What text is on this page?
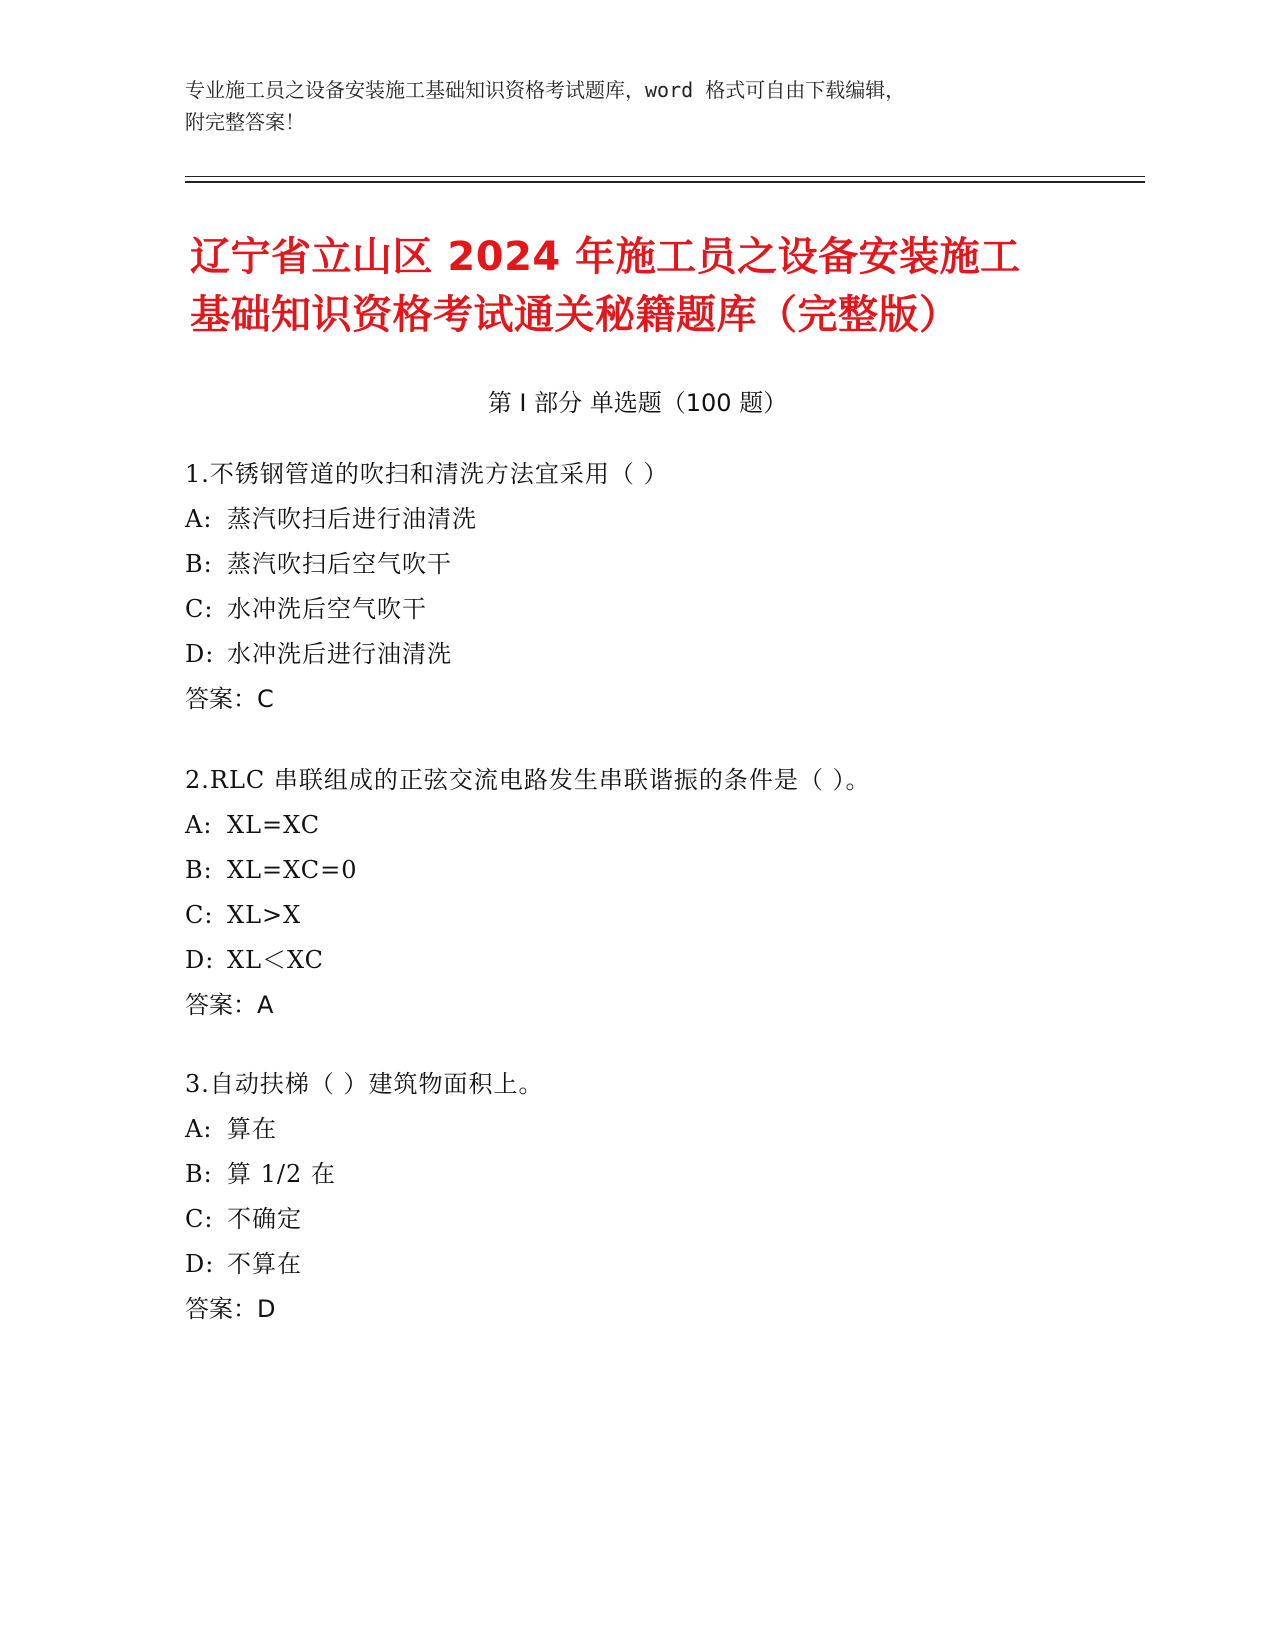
专业施工员之设备安装施工基础知识资格考试题库，word 格式可自由下载编辑，
附完整答案！
辽宁省立山区 2024 年施工员之设备安装施工
基础知识资格考试通关秘籍题库（完整版）
第 I 部分 单选题（100 题）
1.不锈钢管道的吹扫和清洗方法宜采用（ ）
A: 蒸汽吹扫后进行油清洗
B: 蒸汽吹扫后空气吹干
C: 水冲洗后空气吹干
D: 水冲洗后进行油清洗
答案：C
2.RLC 串联组成的正弦交流电路发生串联谐振的条件是（ ）。
A: XL=XC
B: XL=XC=0
C: XL>X
D: XL＜XC
答案：A
3.自动扶梯（ ）建筑物面积上。
A: 算在
B: 算 1/2 在
C: 不确定
D: 不算在
答案：D
